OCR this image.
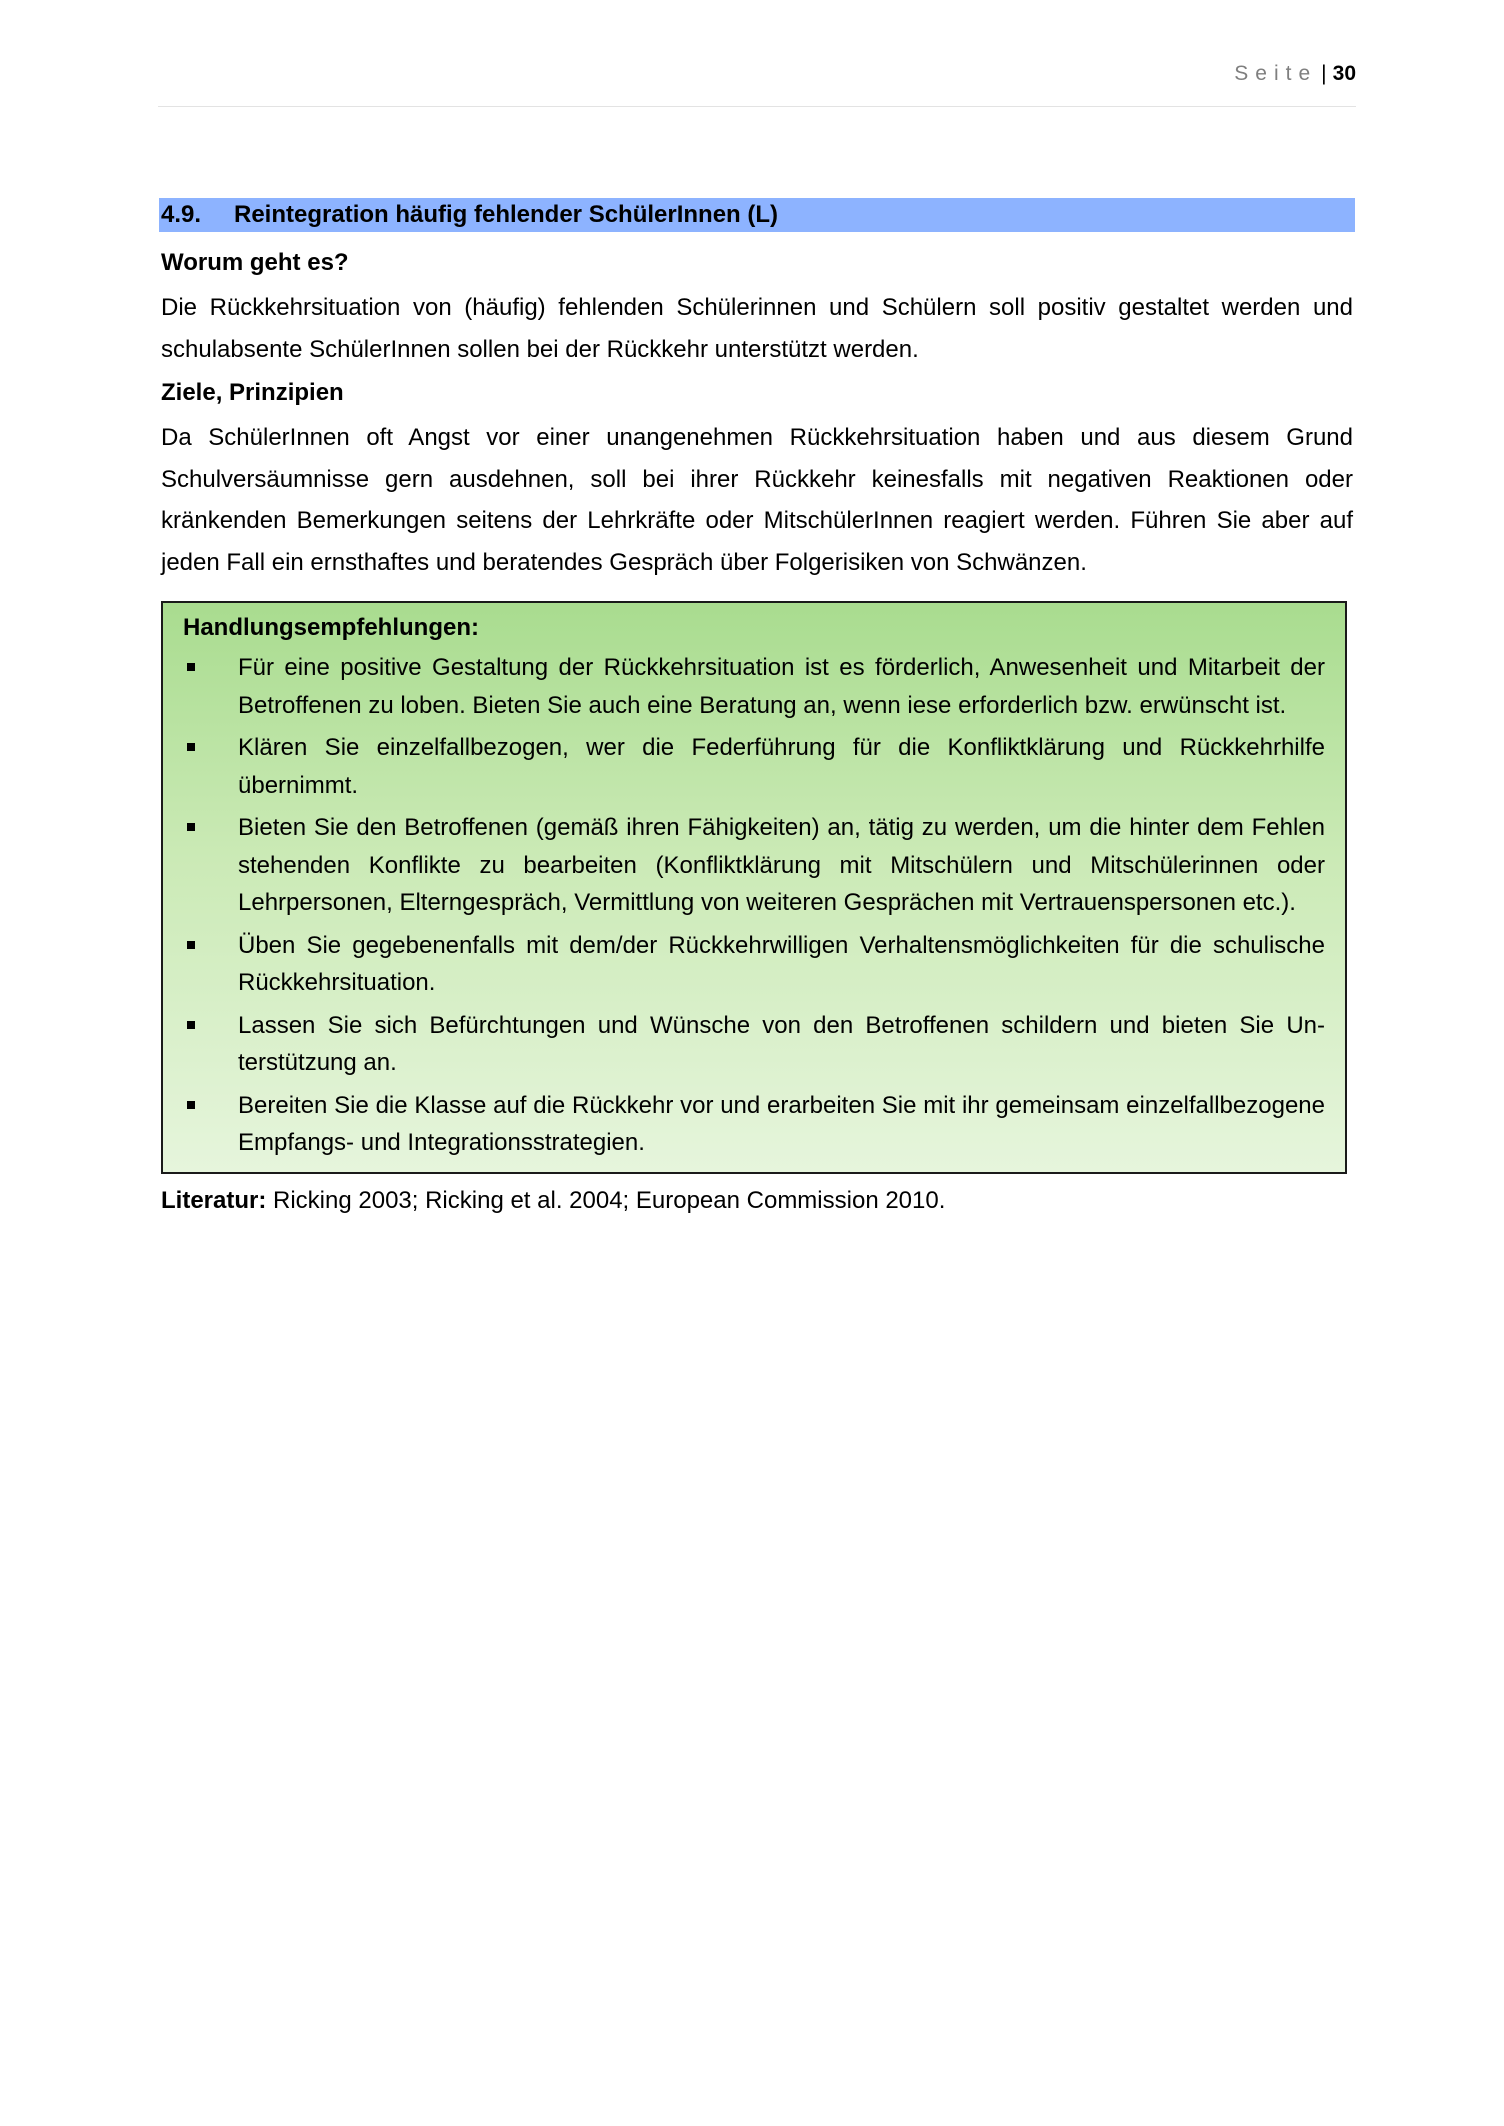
Seite | 30
4.9. Reintegration häufig fehlender SchülerInnen (L)
Worum geht es?
Die Rückkehrsituation von (häufig) fehlenden Schülerinnen und Schülern soll positiv gestaltet werden und schulabsente SchülerInnen sollen bei der Rückkehr unterstützt werden.
Ziele, Prinzipien
Da SchülerInnen oft Angst vor einer unangenehmen Rückkehrsituation haben und aus diesem Grund Schulversäumnisse gern ausdehnen, soll bei ihrer Rückkehr keinesfalls mit negativen Reaktionen oder kränkenden Bemerkungen seitens der Lehrkräfte oder MitschülerInnen reagiert werden. Führen Sie aber auf jeden Fall ein ernsthaftes und beratendes Gespräch über Folgerisiken von Schwänzen.
Handlungsempfehlungen:
Für eine positive Gestaltung der Rückkehrsituation ist es förderlich, Anwesenheit und Mitarbeit der Betroffenen zu loben. Bieten Sie auch eine Beratung an, wenn iese erforderlich bzw. erwünscht ist.
Klären Sie einzelfallbezogen, wer die Federführung für die Konfliktklärung und Rückkehrhilfe übernimmt.
Bieten Sie den Betroffenen (gemäß ihren Fähigkeiten) an, tätig zu werden, um die hinter dem Fehlen stehenden Konflikte zu bearbeiten (Konfliktklärung mit Mitschülern und Mitschülerinnen oder Lehrpersonen, Elterngespräch, Vermittlung von weiteren Gesprächen mit Vertrauenspersonen etc.).
Üben Sie gegebenenfalls mit dem/der Rückkehrwilligen Verhaltensmöglichkeiten für die schulische Rückkehrsituation.
Lassen Sie sich Befürchtungen und Wünsche von den Betroffenen schildern und bieten Sie Unterstützung an.
Bereiten Sie die Klasse auf die Rückkehr vor und erarbeiten Sie mit ihr gemeinsam einzelfallbezogene Empfangs- und Integrationsstrategien.
Literatur: Ricking 2003; Ricking et al. 2004; European Commission 2010.
